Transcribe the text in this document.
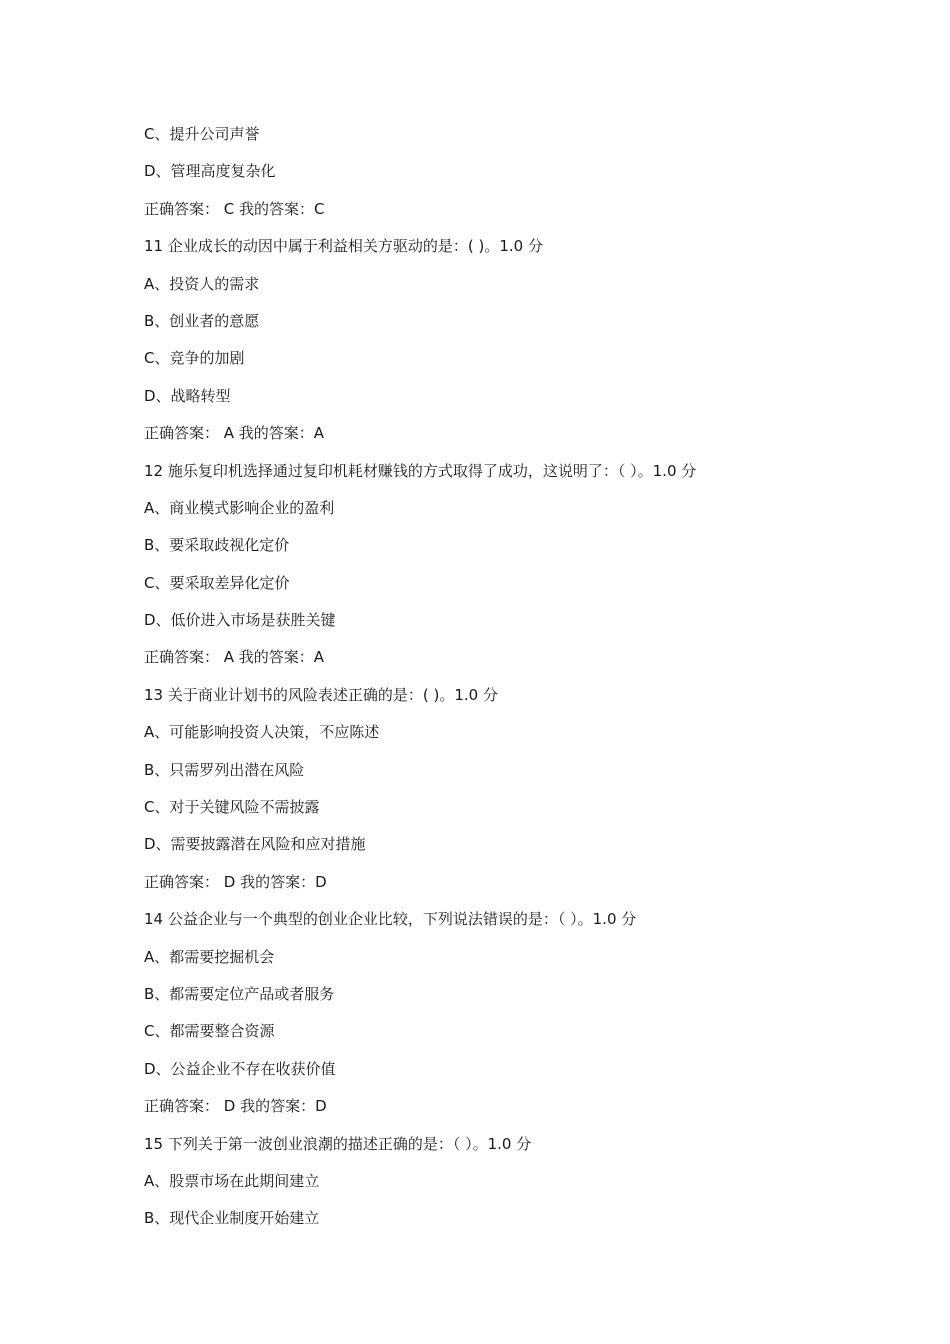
C、提升公司声誉
D、管理高度复杂化
正确答案： C 我的答案：C
11 企业成长的动因中属于利益相关方驱动的是：( )。1.0 分
A、投资人的需求
B、创业者的意愿
C、竞争的加剧
D、战略转型
正确答案： A 我的答案：A
12 施乐复印机选择通过复印机耗材赚钱的方式取得了成功，这说明了：（ ）。1.0 分
A、商业模式影响企业的盈利
B、要采取歧视化定价
C、要采取差异化定价
D、低价进入市场是获胜关键
正确答案： A 我的答案：A
13 关于商业计划书的风险表述正确的是：( )。1.0 分
A、可能影响投资人决策，不应陈述
B、只需罗列出潜在风险
C、对于关键风险不需披露
D、需要披露潜在风险和应对措施
正确答案： D 我的答案：D
14 公益企业与一个典型的创业企业比较，下列说法错误的是：（ ）。1.0 分
A、都需要挖掘机会
B、都需要定位产品或者服务
C、都需要整合资源
D、公益企业不存在收获价值
正确答案： D 我的答案：D
15 下列关于第一波创业浪潮的描述正确的是：（ ）。1.0 分
A、股票市场在此期间建立
B、现代企业制度开始建立
